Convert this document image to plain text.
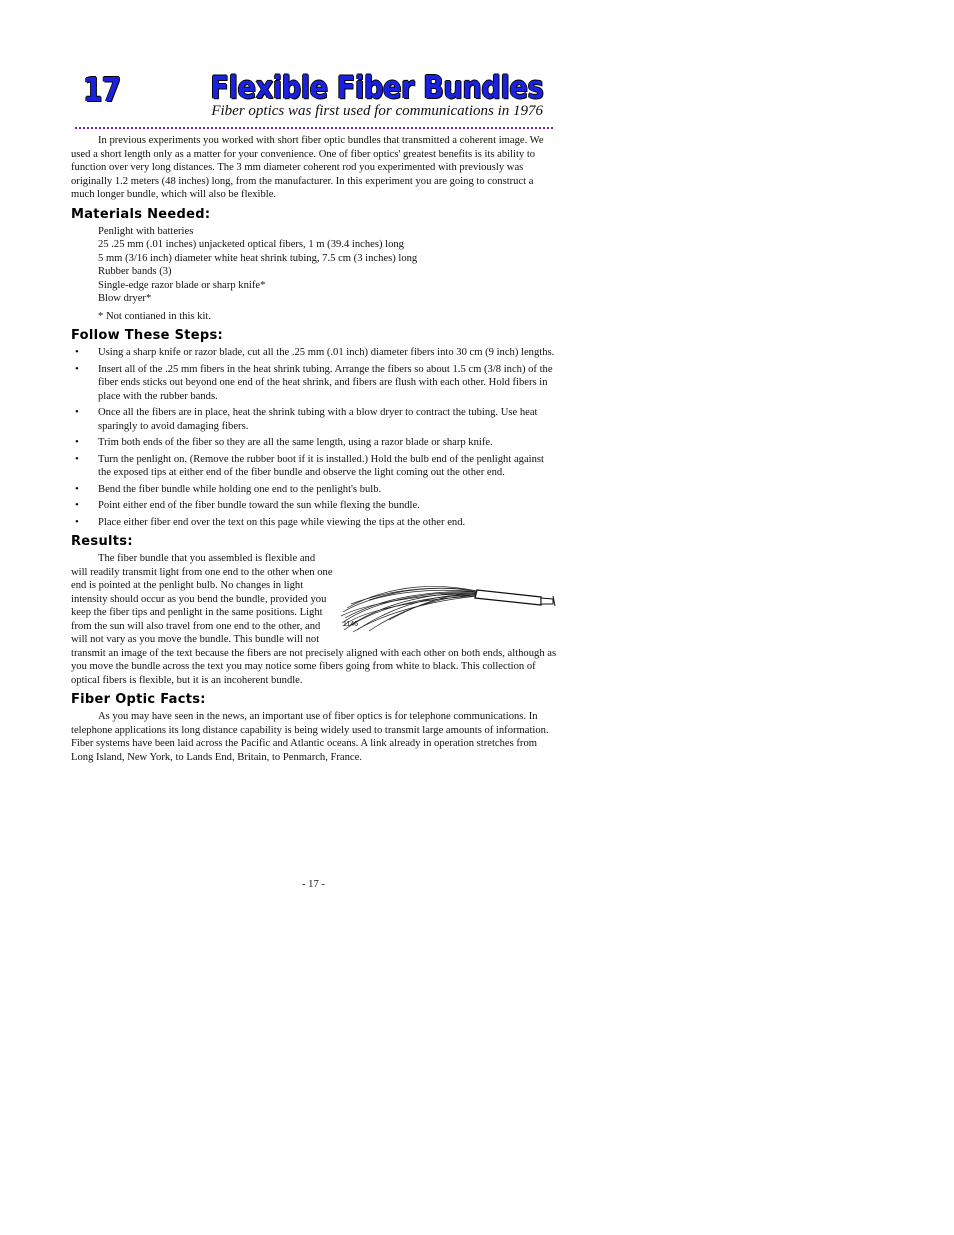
17	Flexible Fiber Bundles
Fiber optics was first used for communications in 1976

In previous experiments you worked with short fiber optic bundles that transmitted a coherent image. We used a short length only as a matter for your convenience. One of fiber optics' greatest benefits is its ability to function over very long distances. The 3 mm diameter coherent rod you experimented with previously was originally 1.2 meters (48 inches) long, from the manufacturer. In this experiment you are going to construct a much longer bundle, which will also be flexible.

Materials Needed:
Penlight with batteries
25 .25 mm (.01 inches) unjacketed optical fibers, 1 m (39.4 inches) long
5 mm (3/16 inch) diameter white heat shrink tubing, 7.5 cm (3 inches) long
Rubber bands (3)
Single-edge razor blade or sharp knife*
Blow dryer*
* Not contianed in this kit.
Follow These Steps:
• Using a sharp knife or razor blade, cut all the .25 mm (.01 inch) diameter fibers into 30 cm (9 inch) lengths.
• Insert all of the .25 mm fibers in the heat shrink tubing. Arrange the fibers so about 1.5 cm (3/8 inch) of the fiber ends sticks out beyond one end of the heat shrink, and fibers are flush with each other. Hold fibers in place with the rubber bands.
• Once all the fibers are in place, heat the shrink tubing with a blow dryer to contract the tubing. Use heat sparingly to avoid damaging fibers.
• Trim both ends of the fiber so they are all the same length, using a razor blade or sharp knife.
• Turn the penlight on. (Remove the rubber boot if it is installed.) Hold the bulb end of the penlight against the exposed tips at either end of the fiber bundle and observe the light coming out the other end.
• Bend the fiber bundle while holding one end to the penlight's bulb.
• Point either end of the fiber bundle toward the sun while flexing the bundle.
• Place either fiber end over the text on this page while viewing the tips at the other end.
Results:

The fiber bundle that you assembled is flexible and will readily transmit light from one end to the other when one end is pointed at the penlight bulb. No changes in light intensity should occur as you bend the bundle, provided you keep the fiber tips and penlight in the same positions. Light from the sun will also travel from one end to the other, and will not vary as you move the bundle. This bundle will not

1146

transmit an image of the text because the fibers are not precisely aligned with each other on both ends, although as you move the bundle across the text you may notice some fibers going from white to black. This collection of optical fibers is flexible, but it is an incoherent bundle.

Fiber Optic Facts:

As you may have seen in the news, an important use of fiber optics is for telephone communications. In telephone applications its long distance capability is being widely used to transmit large amounts of information. Fiber systems have been laid across the Pacific and Atlantic oceans. A link already in operation stretches from Long Island, New York, to Lands End, Britain, to Penmarch, France.

- 17 -
